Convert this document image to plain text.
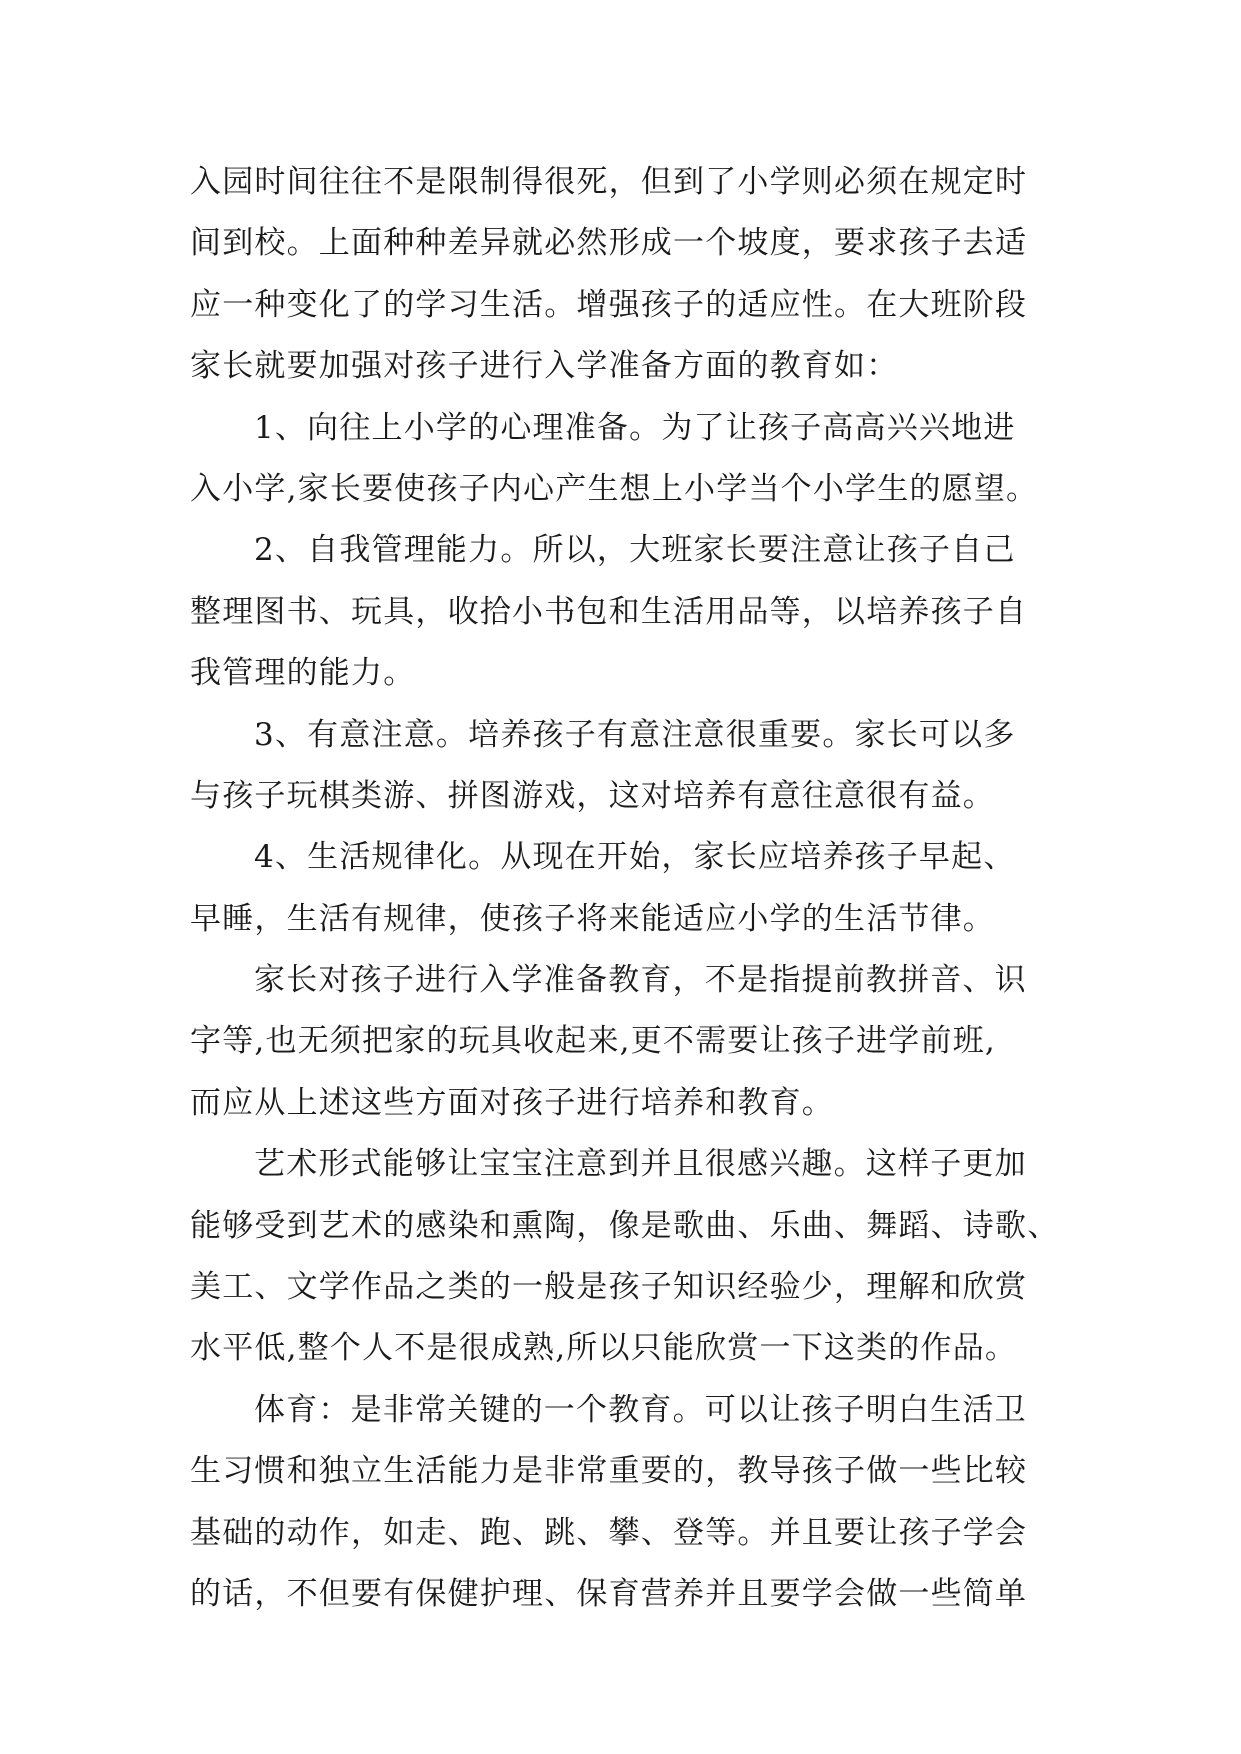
入园时间往往不是限制得很死，但到了小学则必须在规定时
间到校。上面种种差异就必然形成一个坡度，要求孩子去适
应一种变化了的学习生活。增强孩子的适应性。在大班阶段
家长就要加强对孩子进行入学准备方面的教育如：
1、向往上小学的心理准备。为了让孩子高高兴兴地进
入小学,家长要使孩子内心产生想上小学当个小学生的愿望。
2、自我管理能力。所以，大班家长要注意让孩子自己
整理图书、玩具，收拾小书包和生活用品等，以培养孩子自
我管理的能力。
3、有意注意。培养孩子有意注意很重要。家长可以多
与孩子玩棋类游、拼图游戏，这对培养有意往意很有益。
4、生活规律化。从现在开始，家长应培养孩子早起、
早睡，生活有规律，使孩子将来能适应小学的生活节律。
家长对孩子进行入学准备教育，不是指提前教拼音、识
字等,也无须把家的玩具收起来,更不需要让孩子进学前班,
而应从上述这些方面对孩子进行培养和教育。
艺术形式能够让宝宝注意到并且很感兴趣。这样子更加
能够受到艺术的感染和熏陶，像是歌曲、乐曲、舞蹈、诗歌、
美工、文学作品之类的一般是孩子知识经验少，理解和欣赏
水平低,整个人不是很成熟,所以只能欣赏一下这类的作品。
体育：是非常关键的一个教育。可以让孩子明白生活卫
生习惯和独立生活能力是非常重要的，教导孩子做一些比较
基础的动作，如走、跑、跳、攀、登等。并且要让孩子学会
的话，不但要有保健护理、保育营养并且要学会做一些简单
